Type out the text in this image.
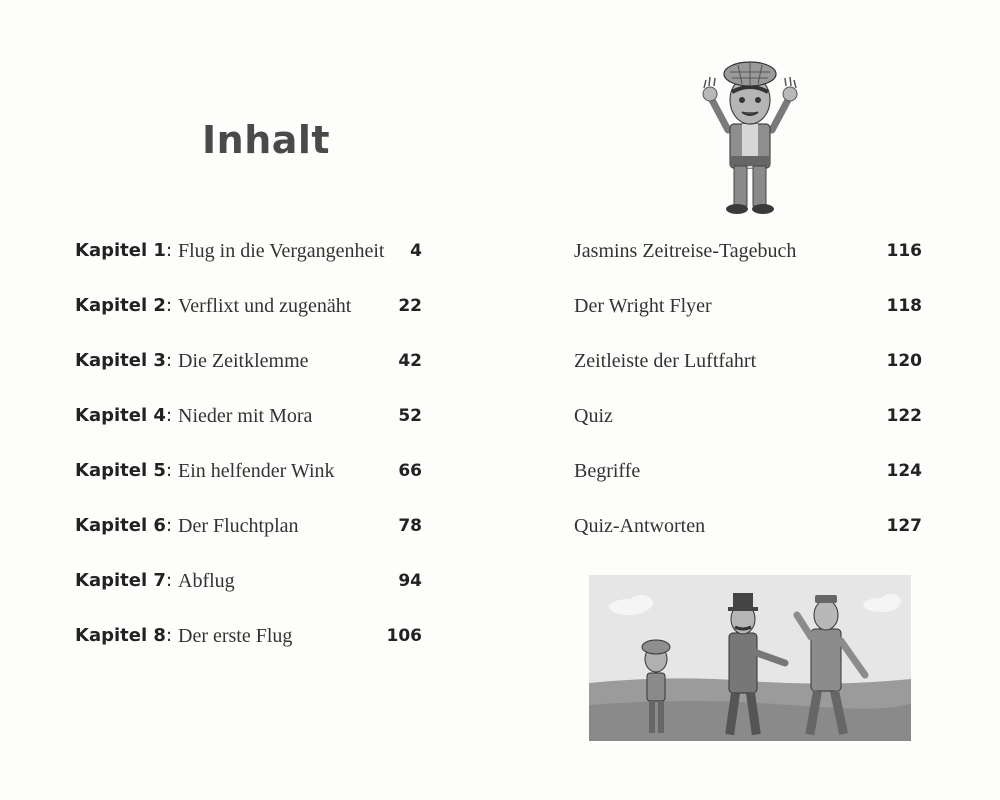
Inhalt
Kapitel 1: Flug in die Vergangenheit 4
Kapitel 2: Verflixt und zugenäht	22
Kapitel 3: Die Zeitklemme	42
Kapitel 4: Nieder mit Mora	52
Kapitel 5: Ein helfender Wink	66
Kapitel 6: Der Fluchtplan	78
Kapitel 7: Abflug	94
Kapitel 8: Der erste Flug	106
Jasmins Zeitreise-Tagebuch	116
Der Wright Flyer	118
Zeitleiste der Luftfahrt	120
Quiz	122
Begriffe	124
Quiz-Antworten	127
